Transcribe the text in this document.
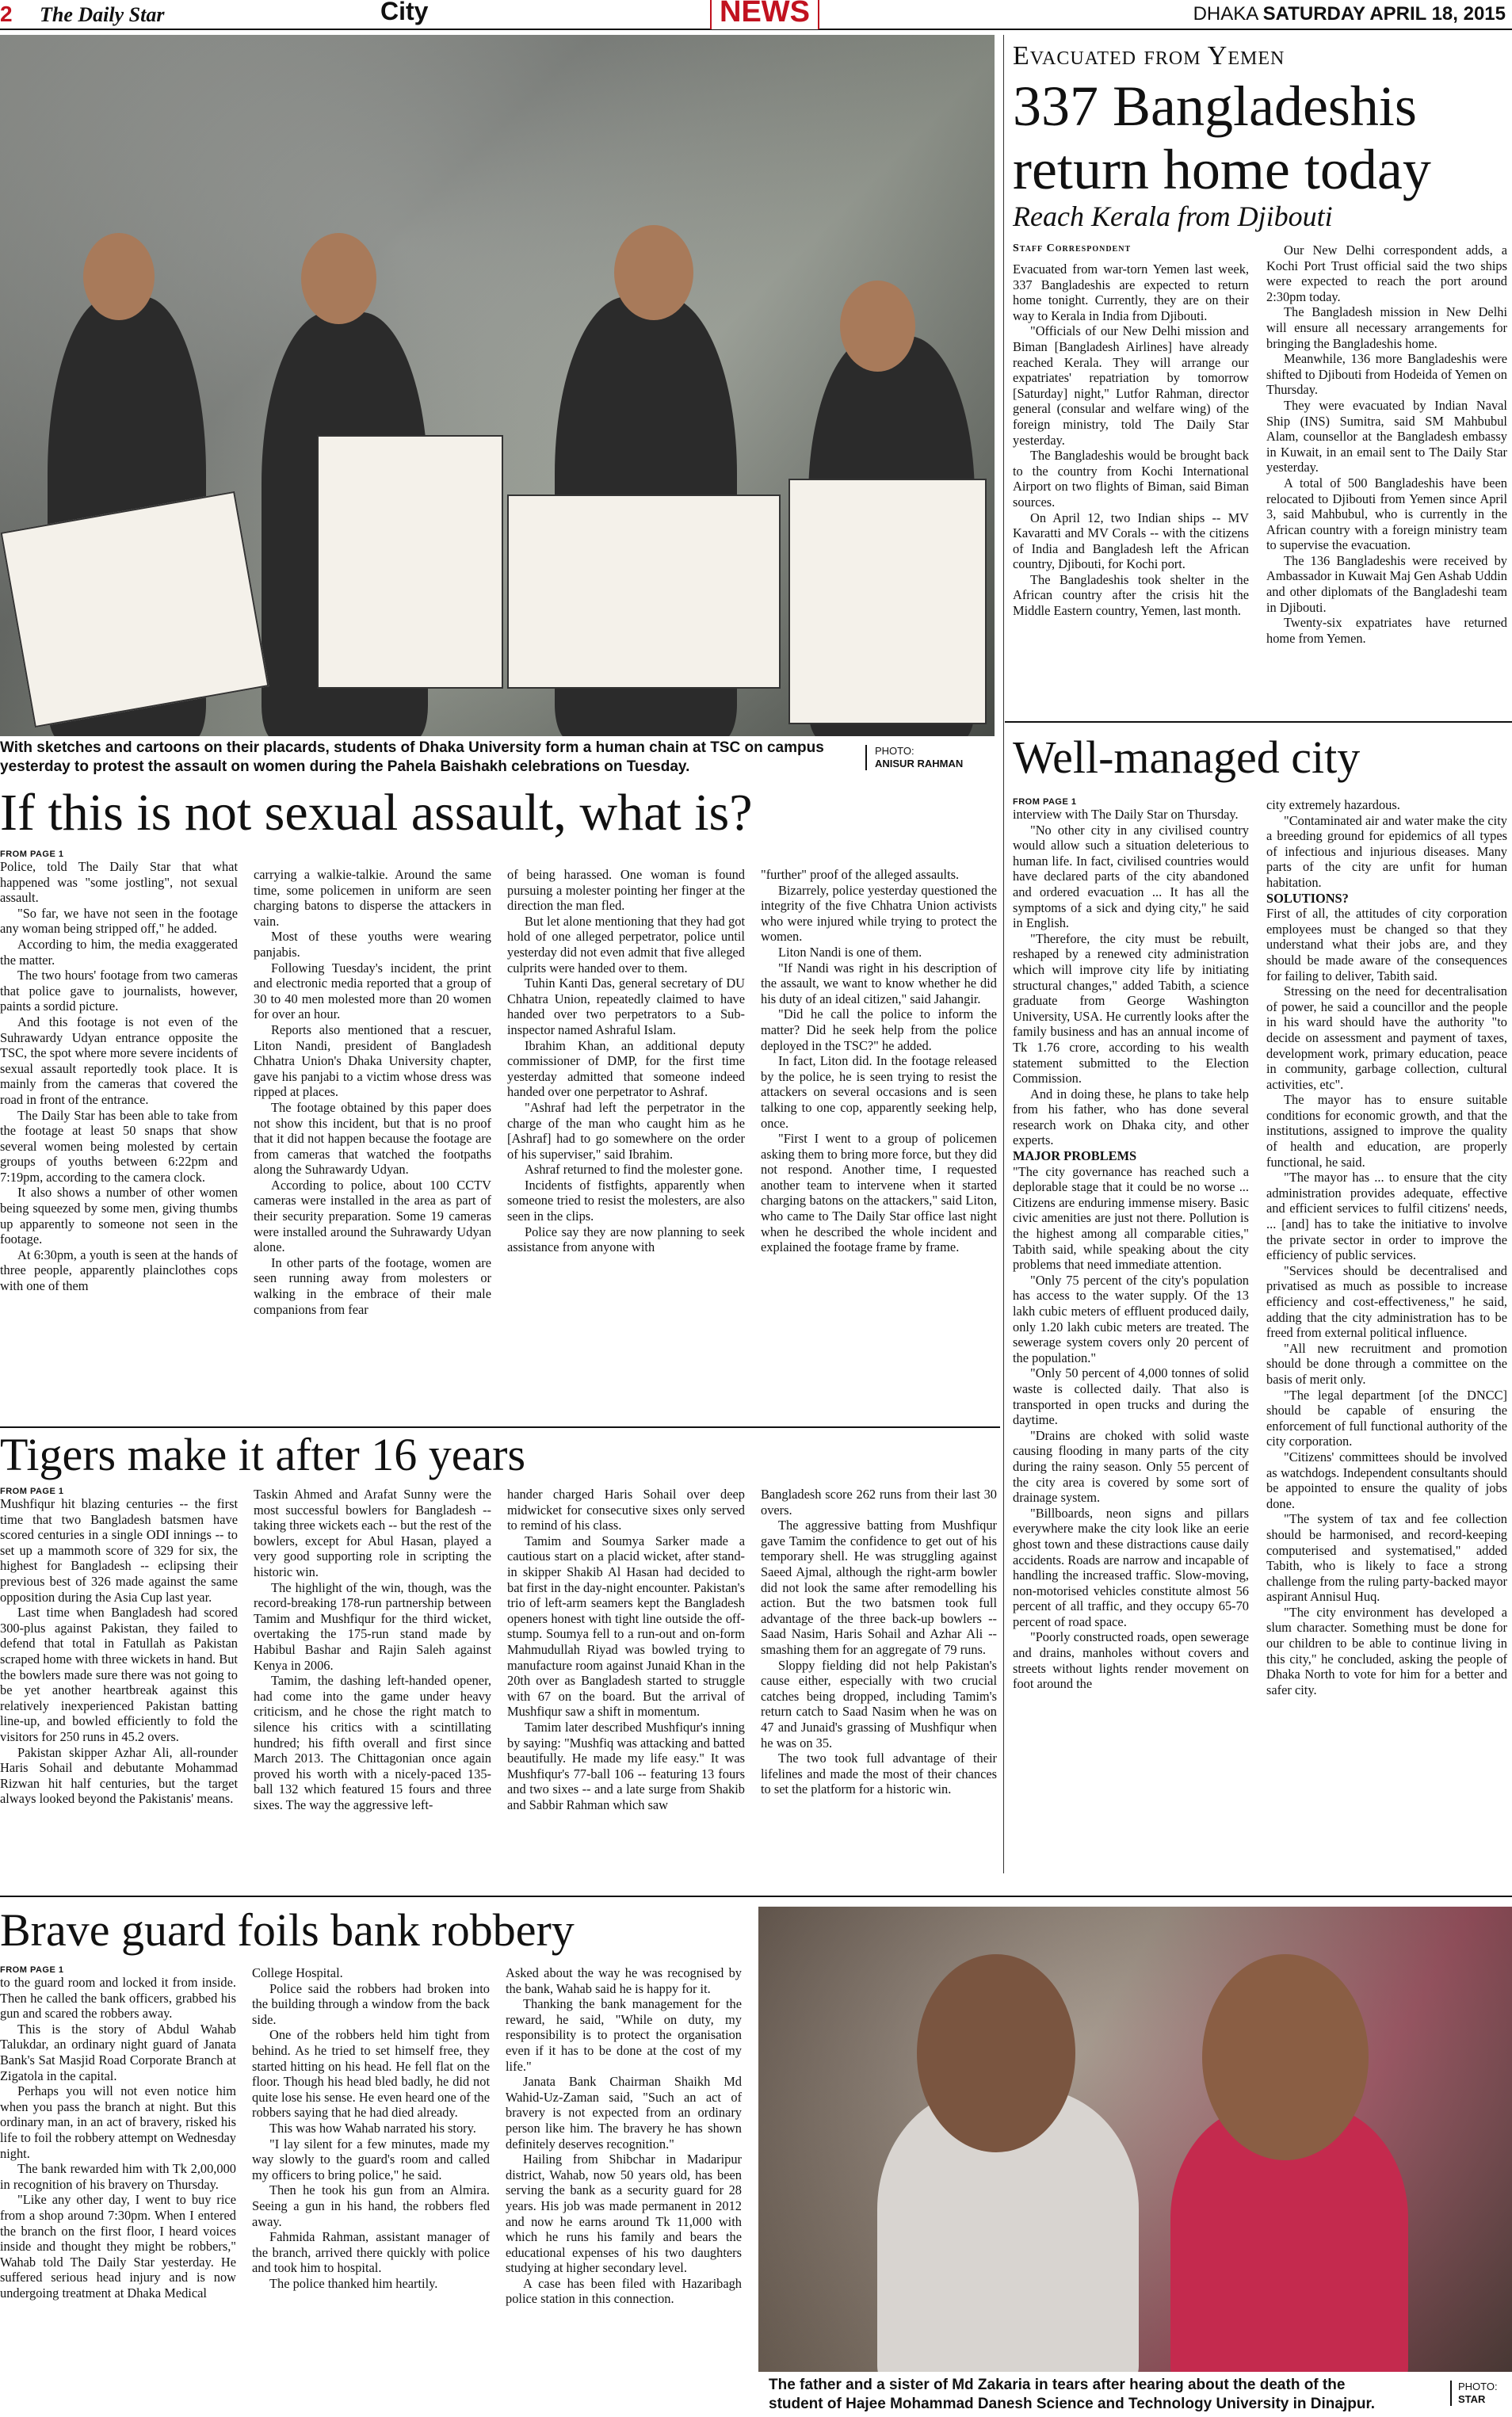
2 The Daily Star	City	NEWS	DHAKA SATURDAY APRIL 18, 2015
With sketches and cartoons on their placards, students of Dhaka University form a human chain at TSC on campus yesterday to protest the assault on women during the Pahela Baishakh celebrations on Tuesday.
PHOTO:
ANISUR RAHMAN
Evacuated from Yemen
337 Bangladeshis return home today
Reach Kerala from Djibouti
Staff Correspondent

Evacuated from war-torn Yemen last week, 337 Bangladeshis are expected to return home tonight. Currently, they are on their way to Kerala in India from Djibouti.

"Officials of our New Delhi mission and Biman [Bangladesh Airlines] have already reached Kerala. They will arrange our expatriates' repatriation by tomorrow [Saturday] night," Lutfor Rahman, director general (consular and welfare wing) of the foreign ministry, told The Daily Star yesterday.

The Bangladeshis would be brought back to the country from Kochi International Airport on two flights of Biman, said Biman sources.

On April 12, two Indian ships -- MV Kavaratti and MV Corals -- with the citizens of India and Bangladesh left the African country, Djibouti, for Kochi port.

The Bangladeshis took shelter in the African country after the crisis hit the Middle Eastern country, Yemen, last month.

Our New Delhi correspondent adds, a Kochi Port Trust official said the two ships were expected to reach the port around 2:30pm today.

The Bangladesh mission in New Delhi will ensure all necessary arrangements for bringing the Bangladeshis home.

Meanwhile, 136 more Bangladeshis were shifted to Djibouti from Hodeida of Yemen on Thursday.

They were evacuated by Indian Naval Ship (INS) Sumitra, said SM Mahbubul Alam, counsellor at the Bangladesh embassy in Kuwait, in an email sent to The Daily Star yesterday.

A total of 500 Bangladeshis have been relocated to Djibouti from Yemen since April 3, said Mahbubul, who is currently in the African country with a foreign ministry team to supervise the evacuation.

The 136 Bangladeshis were received by Ambassador in Kuwait Maj Gen Ashab Uddin and other diplomats of the Bangladeshi team in Djibouti.

Twenty-six expatriates have returned home from Yemen.

If this is not sexual assault, what is?
FROM PAGE 1

Police, told The Daily Star that what happened was "some jostling", not sexual assault.

"So far, we have not seen in the footage any woman being stripped off," he added.

According to him, the media exaggerated the matter.

The two hours' footage from two cameras that police gave to journalists, however, paints a sordid picture.

And this footage is not even of the Suhrawardy Udyan entrance opposite the TSC, the spot where more severe incidents of sexual assault reportedly took place. It is mainly from the cameras that covered the road in front of the entrance.

The Daily Star has been able to take from the footage at least 50 snaps that show several women being molested by certain groups of youths between 6:22pm and 7:19pm, according to the camera clock.

It also shows a number of other women being squeezed by some men, giving thumbs up apparently to someone not seen in the footage.

At 6:30pm, a youth is seen at the hands of three people, apparently plainclothes cops with one of them

carrying a walkie-talkie. Around the same time, some policemen in uniform are seen charging batons to disperse the attackers in vain.

Most of these youths were wearing panjabis.

Following Tuesday's incident, the print and electronic media reported that a group of 30 to 40 men molested more than 20 women for over an hour.

Reports also mentioned that a rescuer, Liton Nandi, president of Bangladesh Chhatra Union's Dhaka University chapter, gave his panjabi to a victim whose dress was ripped at places.

The footage obtained by this paper does not show this incident, but that is no proof that it did not happen because the footage are from cameras that watched the footpaths along the Suhrawardy Udyan.

According to police, about 100 CCTV cameras were installed in the area as part of their security preparation. Some 19 cameras were installed around the Suhrawardy Udyan alone.

In other parts of the footage, women are seen running away from molesters or walking in the embrace of their male companions from fear

of being harassed. One woman is found pursuing a molester pointing her finger at the direction the man fled.

But let alone mentioning that they had got hold of one alleged perpetrator, police until yesterday did not even admit that five alleged culprits were handed over to them.

Tuhin Kanti Das, general secretary of DU Chhatra Union, repeatedly claimed to have handed over two perpetrators to a Sub-inspector named Ashraful Islam.

Ibrahim Khan, an additional deputy commissioner of DMP, for the first time yesterday admitted that someone indeed handed over one perpetrator to Ashraf.

"Ashraf had left the perpetrator in the charge of the man who caught him as he [Ashraf] had to go somewhere on the order of his superviser," said Ibrahim.

Ashraf returned to find the molester gone.

Incidents of fistfights, apparently when someone tried to resist the molesters, are also seen in the clips.

Police say they are now planning to seek assistance from anyone with

"further" proof of the alleged assaults.

Bizarrely, police yesterday questioned the integrity of the five Chhatra Union activists who were injured while trying to protect the women.

Liton Nandi is one of them.

"If Nandi was right in his description of the assault, we want to know whether he did his duty of an ideal citizen," said Jahangir.

"Did he call the police to inform the matter? Did he seek help from the police deployed in the TSC?" he added.

In fact, Liton did. In the footage released by the police, he is seen trying to resist the attackers on several occasions and is seen talking to one cop, apparently seeking help, once.

"First I went to a group of policemen asking them to bring more force, but they did not respond. Another time, I requested another team to intervene when it started charging batons on the attackers," said Liton, who came to The Daily Star office last night when he described the whole incident and explained the footage frame by frame.

Well-managed city
FROM PAGE 1

interview with The Daily Star on Thursday.

"No other city in any civilised country would allow such a situation deleterious to human life. In fact, civilised countries would have declared parts of the city abandoned and ordered evacuation ... It has all the symptoms of a sick and dying city," he said in English.

"Therefore, the city must be rebuilt, reshaped by a renewed city administration which will improve city life by initiating structural changes," added Tabith, a science graduate from George Washington University, USA. He currently looks after the family business and has an annual income of Tk 1.76 crore, according to his wealth statement submitted to the Election Commission.

And in doing these, he plans to take help from his father, who has done several research work on Dhaka city, and other experts.

MAJOR PROBLEMS

"The city governance has reached such a deplorable stage that it could be no worse ... Citizens are enduring immense misery. Basic civic amenities are just not there. Pollution is the highest among all comparable cities," Tabith said, while speaking about the city problems that need immediate attention.

"Only 75 percent of the city's population has access to the water supply. Of the 13 lakh cubic meters of effluent produced daily, only 1.20 lakh cubic meters are treated. The sewerage system covers only 20 percent of the population."

"Only 50 percent of 4,000 tonnes of solid waste is collected daily. That also is transported in open trucks and during the daytime.

"Drains are choked with solid waste causing flooding in many parts of the city during the rainy season. Only 55 percent of the city area is covered by some sort of drainage system.

"Billboards, neon signs and pillars everywhere make the city look like an eerie ghost town and these distractions cause daily accidents. Roads are narrow and incapable of handling the increased traffic. Slow-moving, non-motorised vehicles constitute almost 56 percent of all traffic, and they occupy 65-70 percent of road space.

"Poorly constructed roads, open sewerage and drains, manholes without covers and streets without lights render movement on foot around the

city extremely hazardous.

"Contaminated air and water make the city a breeding ground for epidemics of all types of infectious and injurious diseases. Many parts of the city are unfit for human habitation.

SOLUTIONS?

First of all, the attitudes of city corporation employees must be changed so that they understand what their jobs are, and they should be made aware of the consequences for failing to deliver, Tabith said.

Stressing on the need for decentralisation of power, he said a councillor and the people in his ward should have the authority "to decide on assessment and payment of taxes, development work, primary education, peace in community, garbage collection, cultural activities, etc".

The mayor has to ensure suitable conditions for economic growth, and that the institutions, assigned to improve the quality of health and education, are properly functional, he said.

"The mayor has ... to ensure that the city administration provides adequate, effective and efficient services to fulfil citizens' needs, ... [and] has to take the initiative to involve the private sector in order to improve the efficiency of public services.

"Services should be decentralised and privatised as much as possible to increase efficiency and cost-effectiveness," he said, adding that the city administration has to be freed from external political influence.

"All new recruitment and promotion should be done through a committee on the basis of merit only.

"The legal department [of the DNCC] should be capable of ensuring the enforcement of full functional authority of the city corporation.

"Citizens' committees should be involved as watchdogs. Independent consultants should be appointed to ensure the quality of jobs done.

"The system of tax and fee collection should be harmonised, and record-keeping computerised and systematised," added Tabith, who is likely to face a strong challenge from the ruling party-backed mayor aspirant Annisul Huq.

"The city environment has developed a slum character. Something must be done for our children to be able to continue living in this city," he concluded, asking the people of Dhaka North to vote for him for a better and safer city.

Tigers make it after 16 years
FROM PAGE 1

Mushfiqur hit blazing centuries -- the first time that two Bangladesh batsmen have scored centuries in a single ODI innings -- to set up a mammoth score of 329 for six, the highest for Bangladesh -- eclipsing their previous best of 326 made against the same opposition during the Asia Cup last year.

Last time when Bangladesh had scored 300-plus against Pakistan, they failed to defend that total in Fatullah as Pakistan scraped home with three wickets in hand. But the bowlers made sure there was not going to be yet another heartbreak against this relatively inexperienced Pakistan batting line-up, and bowled efficiently to fold the visitors for 250 runs in 45.2 overs.

Pakistan skipper Azhar Ali, all-rounder Haris Sohail and debutante Mohammad Rizwan hit half centuries, but the target always looked beyond the Pakistanis' means.

Taskin Ahmed and Arafat Sunny were the most successful bowlers for Bangladesh -- taking three wickets each -- but the rest of the bowlers, except for Abul Hasan, played a very good supporting role in scripting the historic win.

The highlight of the win, though, was the record-breaking 178-run partnership between Tamim and Mushfiqur for the third wicket, overtaking the 175-run stand made by Habibul Bashar and Rajin Saleh against Kenya in 2006.

Tamim, the dashing left-handed opener, had come into the game under heavy criticism, and he chose the right match to silence his critics with a scintillating hundred; his fifth overall and first since March 2013. The Chittagonian once again proved his worth with a nicely-paced 135-ball 132 which featured 15 fours and three sixes. The way the aggressive left-

hander charged Haris Sohail over deep midwicket for consecutive sixes only served to remind of his class.

Tamim and Soumya Sarker made a cautious start on a placid wicket, after stand-in skipper Shakib Al Hasan had decided to bat first in the day-night encounter. Pakistan's trio of left-arm seamers kept the Bangladesh openers honest with tight line outside the off-stump. Soumya fell to a run-out and on-form Mahmudullah Riyad was bowled trying to manufacture room against Junaid Khan in the 20th over as Bangladesh started to struggle with 67 on the board. But the arrival of Mushfiqur saw a shift in momentum.

Tamim later described Mushfiqur's inning by saying: "Mushfiq was attacking and batted beautifully. He made my life easy." It was Mushfiqur's 77-ball 106 -- featuring 13 fours and two sixes -- and a late surge from Shakib and Sabbir Rahman which saw

Bangladesh score 262 runs from their last 30 overs.

The aggressive batting from Mushfiqur gave Tamim the confidence to get out of his temporary shell. He was struggling against Saeed Ajmal, although the right-arm bowler did not look the same after remodelling his action. But the two batsmen took full advantage of the three back-up bowlers -- Saad Nasim, Haris Sohail and Azhar Ali -- smashing them for an aggregate of 79 runs.

Sloppy fielding did not help Pakistan's cause either, especially with two crucial catches being dropped, including Tamim's return catch to Saad Nasim when he was on 47 and Junaid's grassing of Mushfiqur when he was on 35.

The two took full advantage of their lifelines and made the most of their chances to set the platform for a historic win.

Brave guard foils bank robbery
FROM PAGE 1

to the guard room and locked it from inside. Then he called the bank officers, grabbed his gun and scared the robbers away.

This is the story of Abdul Wahab Talukdar, an ordinary night guard of Janata Bank's Sat Masjid Road Corporate Branch at Zigatola in the capital.

Perhaps you will not even notice him when you pass the branch at night. But this ordinary man, in an act of bravery, risked his life to foil the robbery attempt on Wednesday night.

The bank rewarded him with Tk 2,00,000 in recognition of his bravery on Thursday.

"Like any other day, I went to buy rice from a shop around 7:30pm. When I entered the branch on the first floor, I heard voices inside and thought they might be robbers," Wahab told The Daily Star yesterday. He suffered serious head injury and is now undergoing treatment at Dhaka Medical

College Hospital.

Police said the robbers had broken into the building through a window from the back side.

One of the robbers held him tight from behind. As he tried to set himself free, they started hitting on his head. He fell flat on the floor. Though his head bled badly, he did not quite lose his sense. He even heard one of the robbers saying that he had died already.

This was how Wahab narrated his story.

"I lay silent for a few minutes, made my way slowly to the guard's room and called my officers to bring police," he said.

Then he took his gun from an Almira. Seeing a gun in his hand, the robbers fled away.

Fahmida Rahman, assistant manager of the branch, arrived there quickly with police and took him to hospital.

The police thanked him heartily.

Asked about the way he was recognised by the bank, Wahab said he is happy for it.

Thanking the bank management for the reward, he said, "While on duty, my responsibility is to protect the organisation even if it has to be done at the cost of my life."

Janata Bank Chairman Shaikh Md Wahid-Uz-Zaman said, "Such an act of bravery is not expected from an ordinary person like him. The bravery he has shown definitely deserves recognition."

Hailing from Shibchar in Madaripur district, Wahab, now 50 years old, has been serving the bank as a security guard for 28 years. His job was made permanent in 2012 and now he earns around Tk 11,000 with which he runs his family and bears the educational expenses of his two daughters studying at higher secondary level.

A case has been filed with Hazaribagh police station in this connection.

The father and a sister of Md Zakaria in tears after hearing about the death of the student of Hajee Mohammad Danesh Science and Technology University in Dinajpur.
PHOTO:
STAR
